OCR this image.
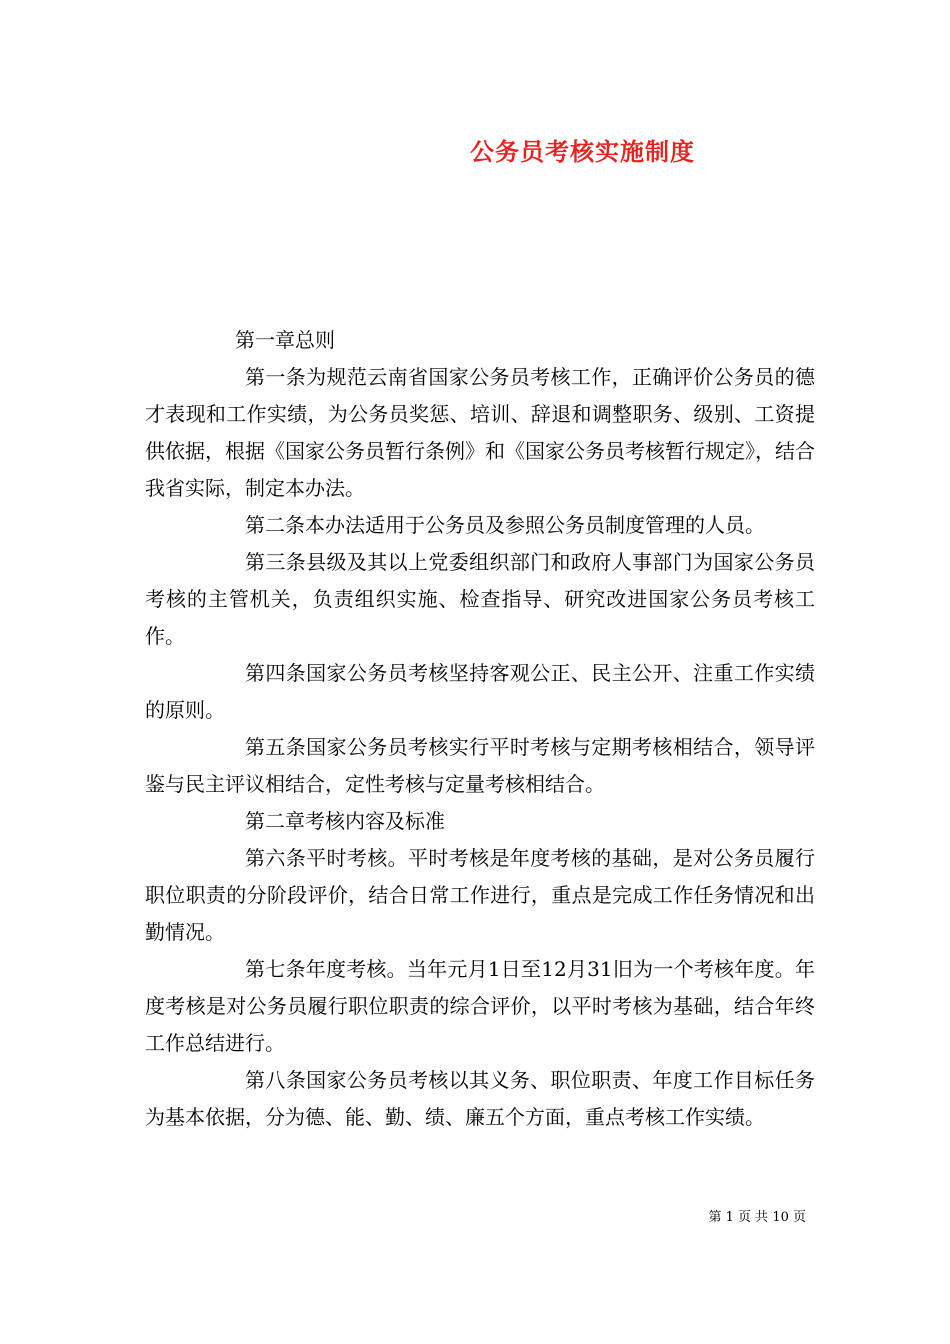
公务员考核实施制度

第一章总则

第一条为规范云南省国家公务员考核工作，正确评价公务员的德才表现和工作实绩，为公务员奖惩、培训、辞退和调整职务、级别、工资提供依据，根据《国家公务员暂行条例》和《国家公务员考核暂行规定》，结合我省实际，制定本办法。

第二条本办法适用于公务员及参照公务员制度管理的人员。

第三条县级及其以上党委组织部门和政府人事部门为国家公务员考核的主管机关，负责组织实施、检查指导、研究改进国家公务员考核工作。

第四条国家公务员考核坚持客观公正、民主公开、注重工作实绩的原则。

第五条国家公务员考核实行平时考核与定期考核相结合，领导评鉴与民主评议相结合，定性考核与定量考核相结合。

第二章考核内容及标准

第六条平时考核。平时考核是年度考核的基础，是对公务员履行职位职责的分阶段评价，结合日常工作进行，重点是完成工作任务情况和出勤情况。

第七条年度考核。当年元月1日至12月31旧为一个考核年度。年度考核是对公务员履行职位职责的综合评价，以平时考核为基础，结合年终工作总结进行。

第八条国家公务员考核以其义务、职位职责、年度工作目标任务为基本依据，分为德、能、勤、绩、廉五个方面，重点考核工作实绩。

第 1 页 共 10 页
